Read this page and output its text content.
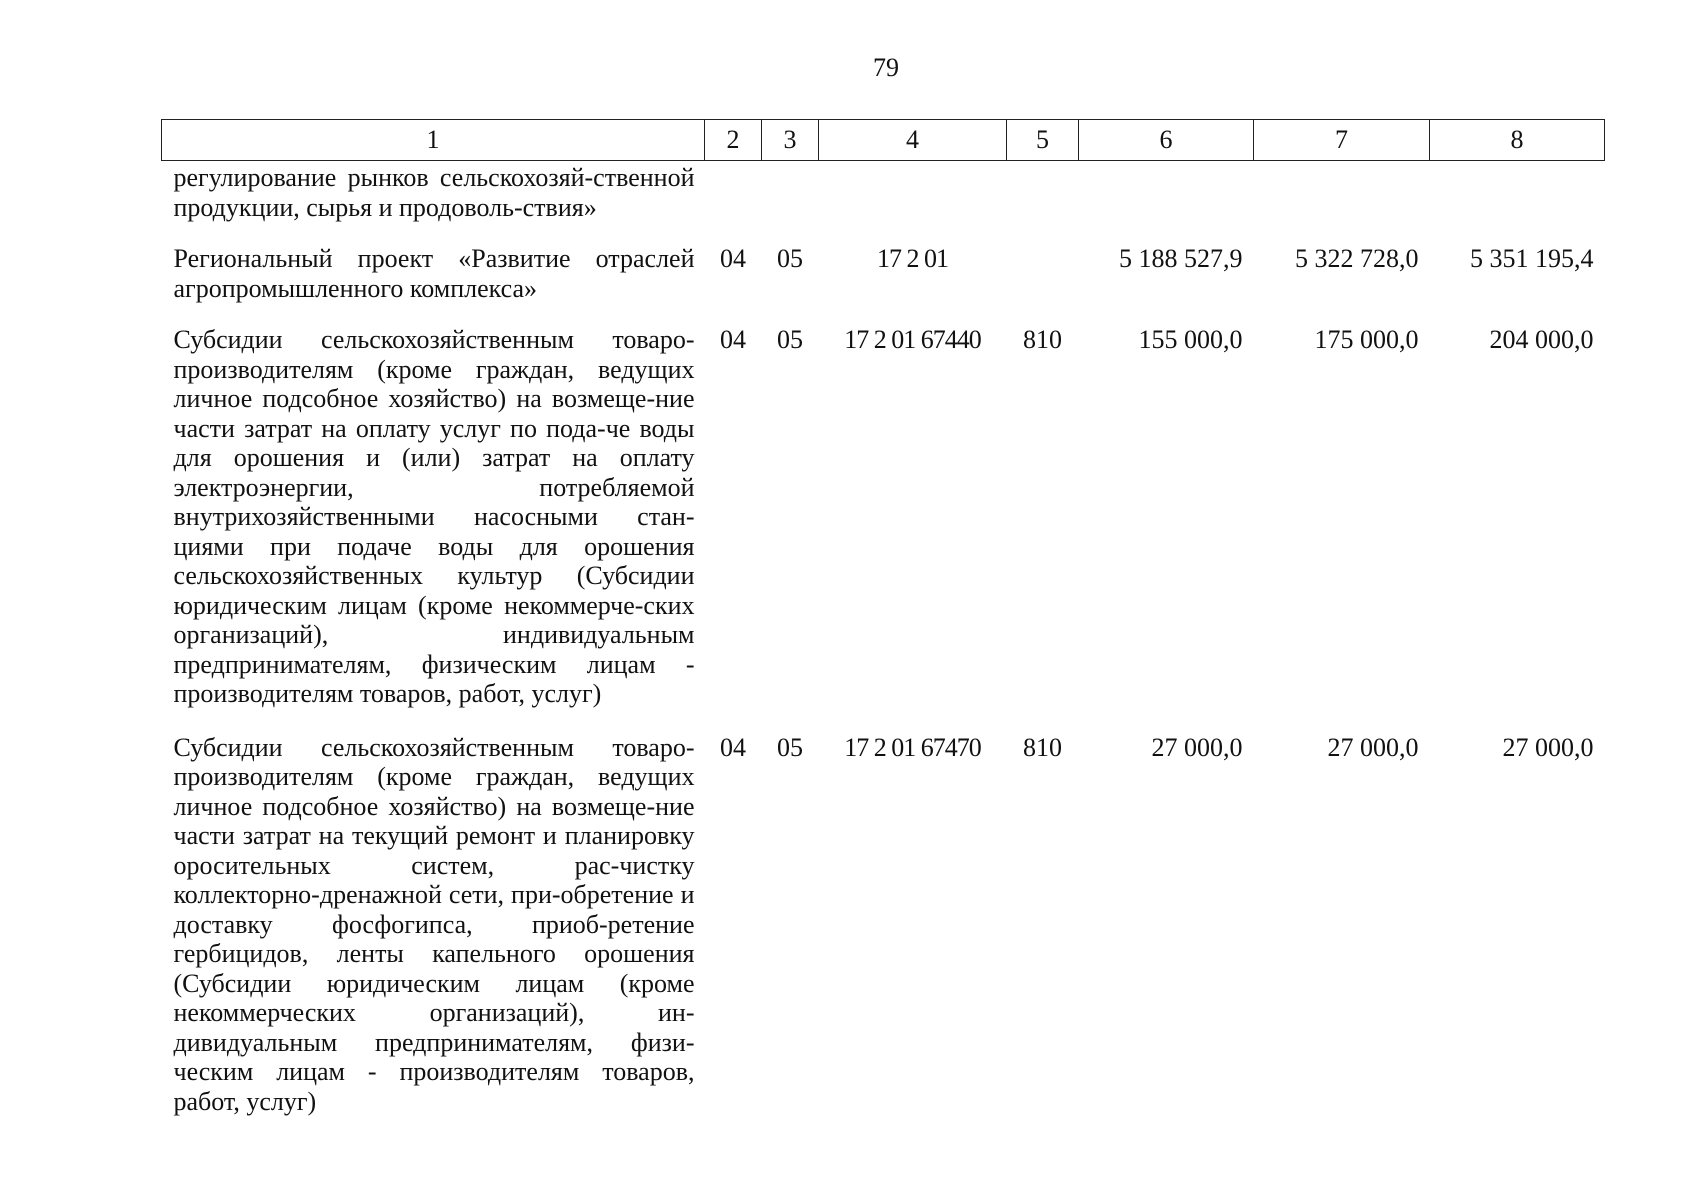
79
1	2	3	4	5	6	7	8
регулирование рынков сельскохозяй-ственной продукции, сырья и продоволь-ствия»							
Региональный проект «Развитие отраслей агропромышленного комплекса»	04	05	17 2 01		5 188 527,9	5 322 728,0	5 351 195,4
Субсидии сельскохозяйственным товаро-производителям (кроме граждан, ведущих личное подсобное хозяйство) на возмеще-ние части затрат на оплату услуг по пода-че воды для орошения и (или) затрат на оплату электроэнергии, потребляемой внутрихозяйственными насосными стан-циями при подаче воды для орошения сельскохозяйственных культур (Субсидии юридическим лицам (кроме некоммерче-ских организаций), индивидуальным предпринимателям, физическим лицам - производителям товаров, работ, услуг)	04	05	17 2 01 67440	810	155 000,0	175 000,0	204 000,0
Субсидии сельскохозяйственным товаро-производителям (кроме граждан, ведущих личное подсобное хозяйство) на возмеще-ние части затрат на текущий ремонт и планировку оросительных систем, рас-чистку коллекторно-дренажной сети, при-обретение и доставку фосфогипса, приоб-ретение гербицидов, ленты капельного орошения (Субсидии юридическим лицам (кроме некоммерческих организаций), ин-дивидуальным предпринимателям, физи-ческим лицам - производителям товаров, работ, услуг)	04	05	17 2 01 67470	810	27 000,0	27 000,0	27 000,0
